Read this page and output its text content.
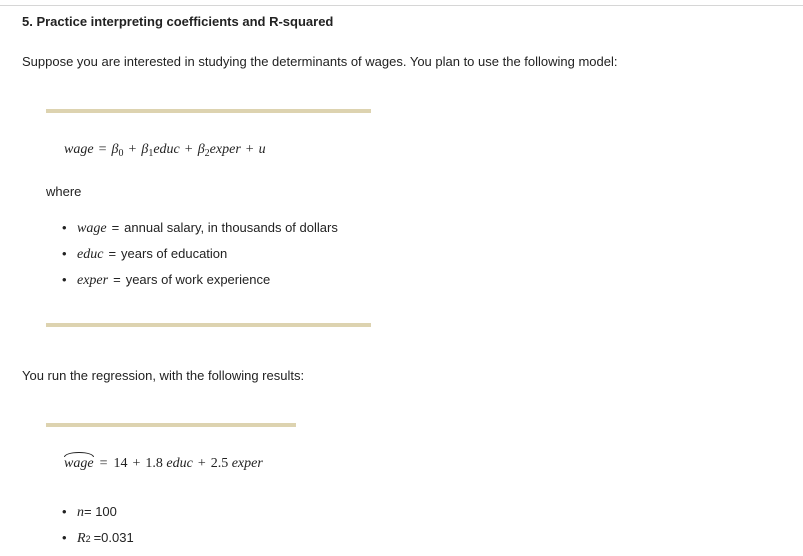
5. Practice interpreting coefficients and R-squared
Suppose you are interested in studying the determinants of wages. You plan to use the following model:
wage = $\beta_0$ + $\beta_1educ$ + $\beta_2exper + u$
where
• wage = annual salary, in thousands of dollars
• educ = years of education
• exper = years of work experience
You run the regression, with the following results:
wage = 14 + 1.8 educ + 2.5 exper
• n = 100
• R 2 =0.031
